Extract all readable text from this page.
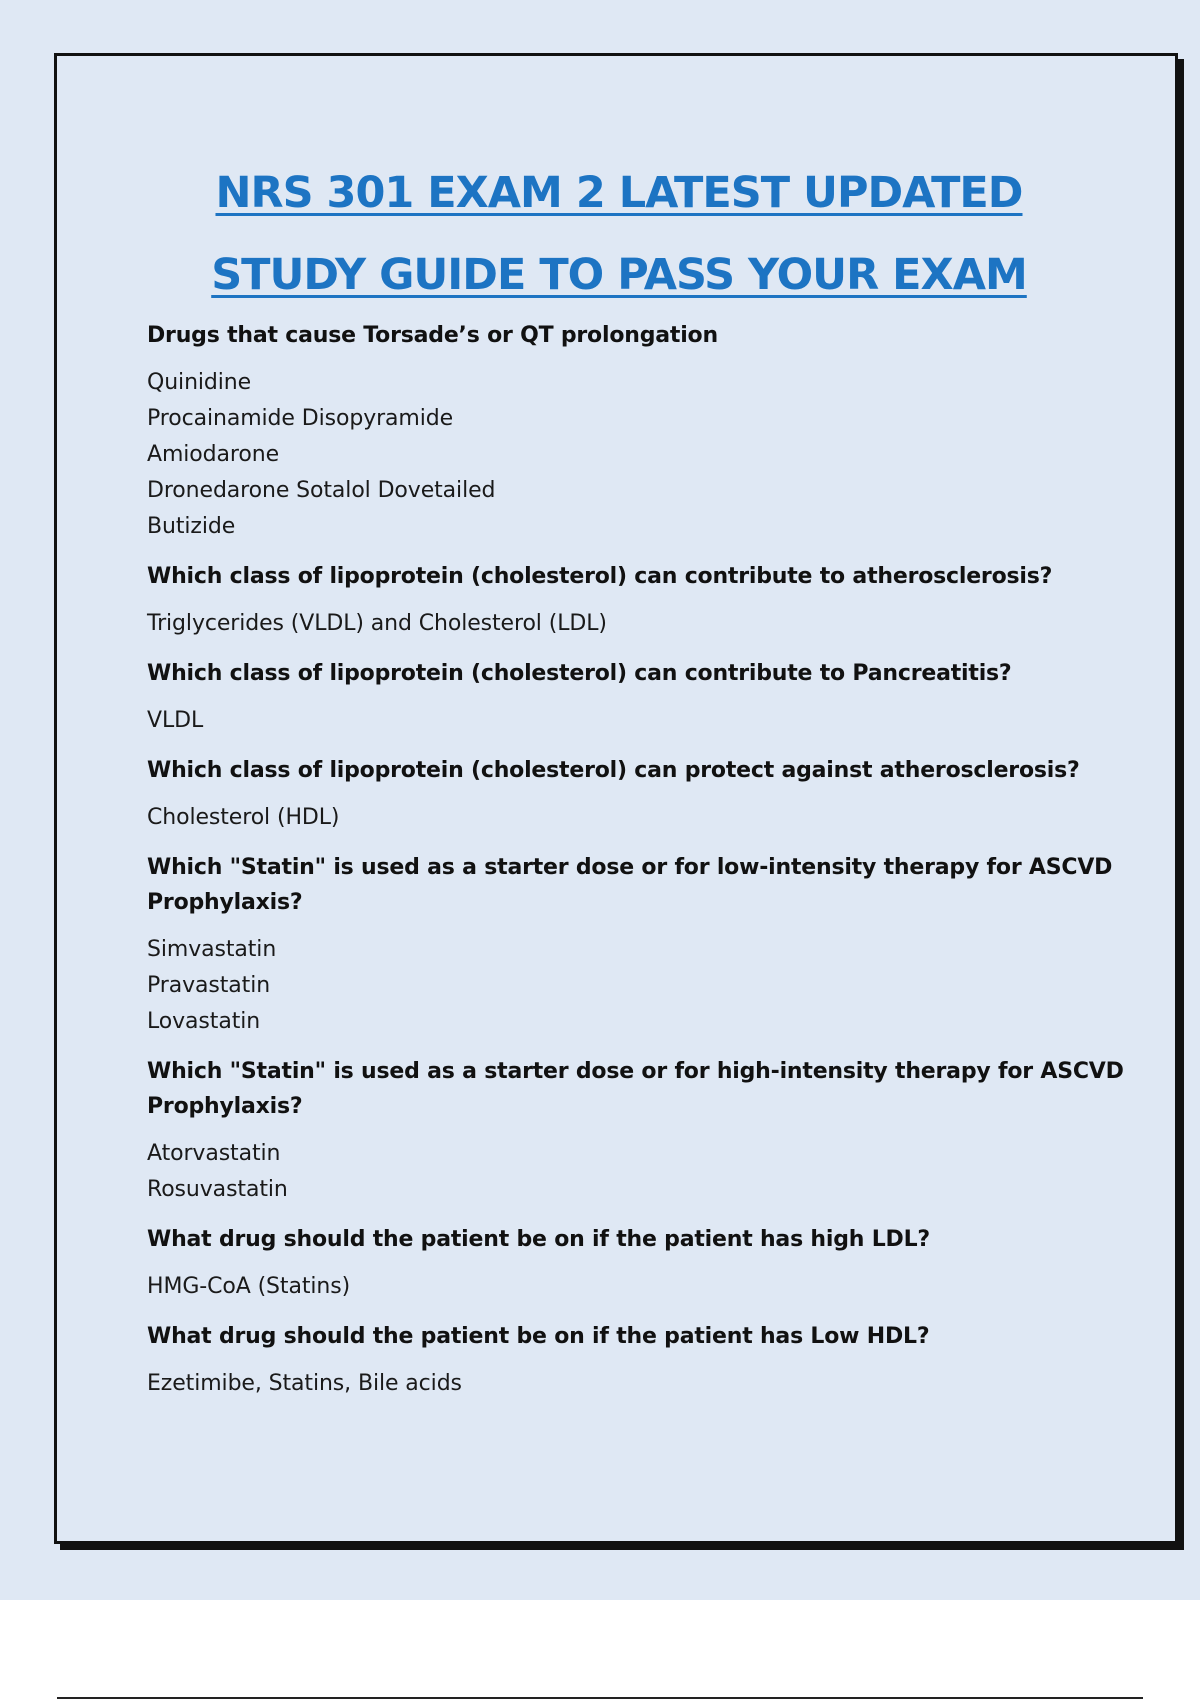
NRS 301 EXAM 2 LATEST UPDATED
STUDY GUIDE TO PASS YOUR EXAM
Drugs that cause Torsade’s or QT prolongation
Quinidine
Procainamide Disopyramide
Amiodarone
Dronedarone Sotalol Dovetailed
Butizide
Which class of lipoprotein (cholesterol) can contribute to atherosclerosis?
Triglycerides (VLDL) and Cholesterol (LDL)
Which class of lipoprotein (cholesterol) can contribute to Pancreatitis?
VLDL
Which class of lipoprotein (cholesterol) can protect against atherosclerosis?
Cholesterol (HDL)
Which "Statin" is used as a starter dose or for low-intensity therapy for ASCVD Prophylaxis?
Simvastatin
Pravastatin
Lovastatin
Which "Statin" is used as a starter dose or for high-intensity therapy for ASCVD Prophylaxis?
Atorvastatin
Rosuvastatin
What drug should the patient be on if the patient has high LDL?
HMG-CoA (Statins)
What drug should the patient be on if the patient has Low HDL?
Ezetimibe, Statins, Bile acids
